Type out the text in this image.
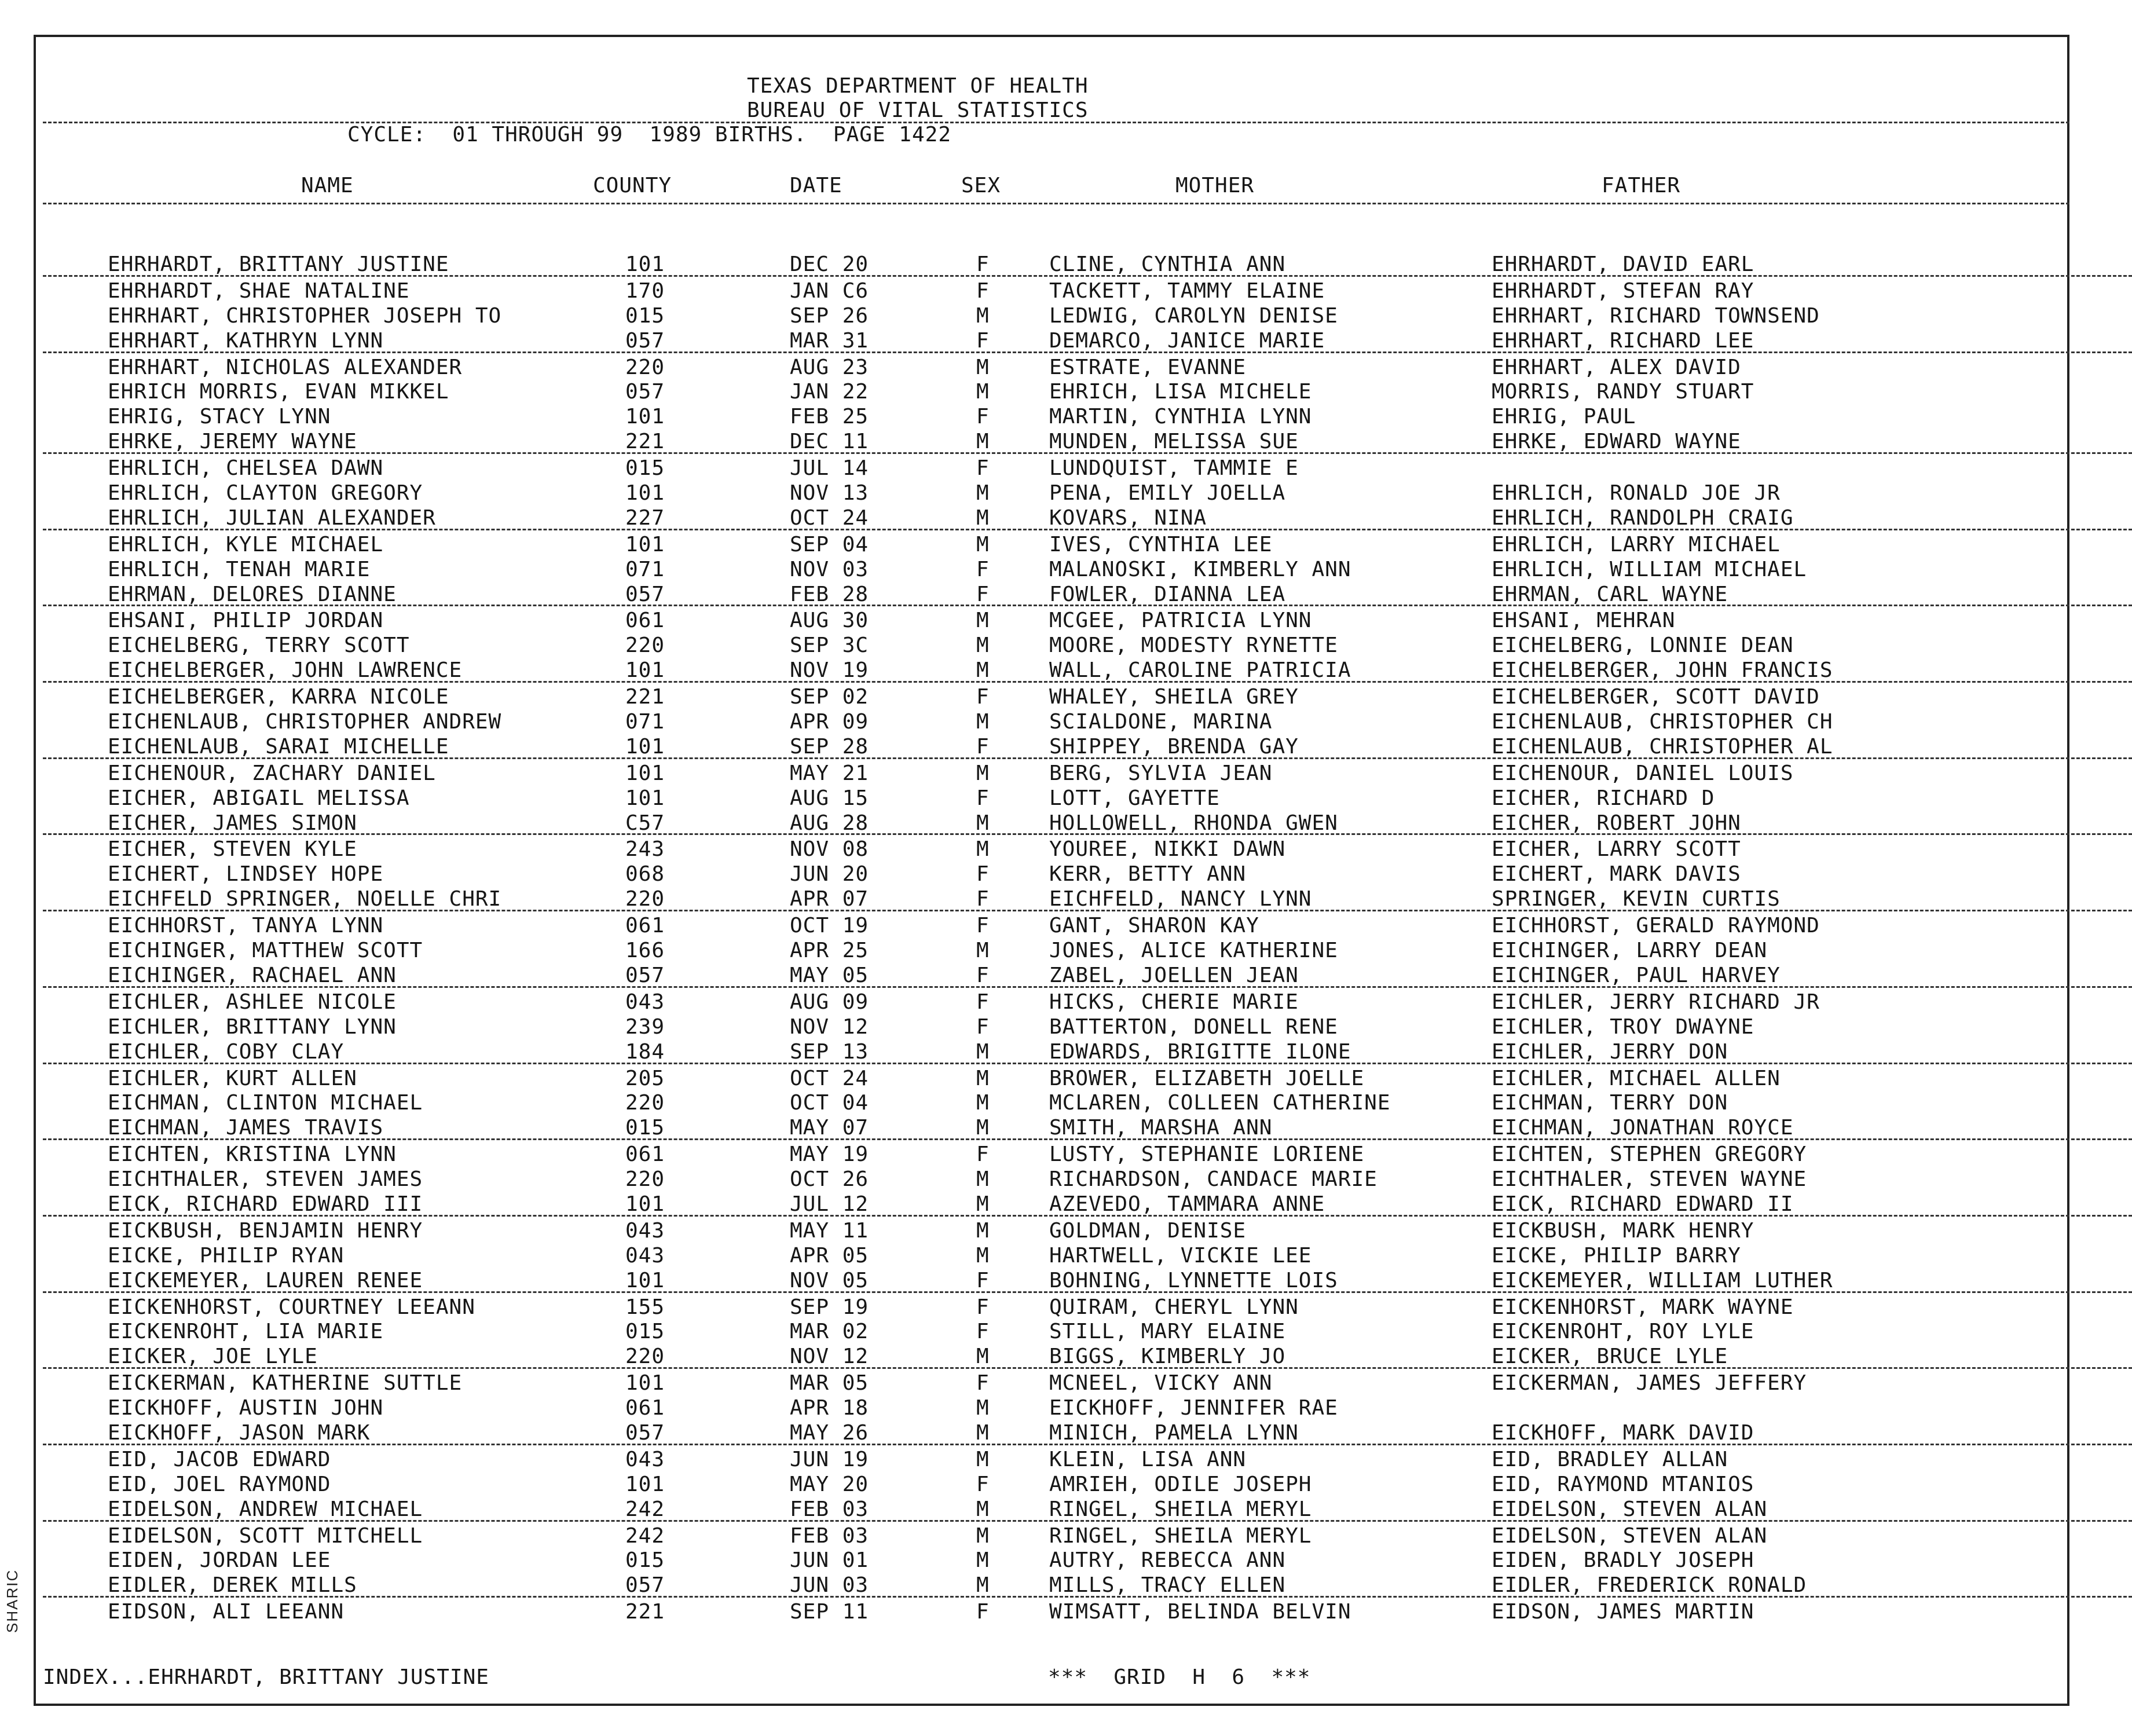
SHARIC
TEXAS DEPARTMENT OF HEALTH
BUREAU OF VITAL STATISTICS
CYCLE:  01 THROUGH 99  1989 BIRTHS.  PAGE 1422
NAME	COUNTY	DATE	SEX	MOTHER	FATHER
EHRHARDT, BRITTANY JUSTINE	101	DEC 20	F	CLINE, CYNTHIA ANN	EHRHARDT, DAVID EARL
EHRHARDT, SHAE NATALINE	170	JAN C6	F	TACKETT, TAMMY ELAINE	EHRHARDT, STEFAN RAY
EHRHART, CHRISTOPHER JOSEPH TO	015	SEP 26	M	LEDWIG, CAROLYN DENISE	EHRHART, RICHARD TOWNSEND
EHRHART, KATHRYN LYNN	057	MAR 31	F	DEMARCO, JANICE MARIE	EHRHART, RICHARD LEE
EHRHART, NICHOLAS ALEXANDER	220	AUG 23	M	ESTRATE, EVANNE	EHRHART, ALEX DAVID
EHRICH MORRIS, EVAN MIKKEL	057	JAN 22	M	EHRICH, LISA MICHELE	MORRIS, RANDY STUART
EHRIG, STACY LYNN	101	FEB 25	F	MARTIN, CYNTHIA LYNN	EHRIG, PAUL
EHRKE, JEREMY WAYNE	221	DEC 11	M	MUNDEN, MELISSA SUE	EHRKE, EDWARD WAYNE
EHRLICH, CHELSEA DAWN	015	JUL 14	F	LUNDQUIST, TAMMIE E
EHRLICH, CLAYTON GREGORY	101	NOV 13	M	PENA, EMILY JOELLA	EHRLICH, RONALD JOE JR
EHRLICH, JULIAN ALEXANDER	227	OCT 24	M	KOVARS, NINA	EHRLICH, RANDOLPH CRAIG
EHRLICH, KYLE MICHAEL	101	SEP 04	M	IVES, CYNTHIA LEE	EHRLICH, LARRY MICHAEL
EHRLICH, TENAH MARIE	071	NOV 03	F	MALANOSKI, KIMBERLY ANN	EHRLICH, WILLIAM MICHAEL
EHRMAN, DELORES DIANNE	057	FEB 28	F	FOWLER, DIANNA LEA	EHRMAN, CARL WAYNE
EHSANI, PHILIP JORDAN	061	AUG 30	M	MCGEE, PATRICIA LYNN	EHSANI, MEHRAN
EICHELBERG, TERRY SCOTT	220	SEP 3C	M	MOORE, MODESTY RYNETTE	EICHELBERG, LONNIE DEAN
EICHELBERGER, JOHN LAWRENCE	101	NOV 19	M	WALL, CAROLINE PATRICIA	EICHELBERGER, JOHN FRANCIS
EICHELBERGER, KARRA NICOLE	221	SEP 02	F	WHALEY, SHEILA GREY	EICHELBERGER, SCOTT DAVID
EICHENLAUB, CHRISTOPHER ANDREW	071	APR 09	M	SCIALDONE, MARINA	EICHENLAUB, CHRISTOPHER CH
EICHENLAUB, SARAI MICHELLE	101	SEP 28	F	SHIPPEY, BRENDA GAY	EICHENLAUB, CHRISTOPHER AL
EICHENOUR, ZACHARY DANIEL	101	MAY 21	M	BERG, SYLVIA JEAN	EICHENOUR, DANIEL LOUIS
EICHER, ABIGAIL MELISSA	101	AUG 15	F	LOTT, GAYETTE	EICHER, RICHARD D
EICHER, JAMES SIMON	C57	AUG 28	M	HOLLOWELL, RHONDA GWEN	EICHER, ROBERT JOHN
EICHER, STEVEN KYLE	243	NOV 08	M	YOUREE, NIKKI DAWN	EICHER, LARRY SCOTT
EICHERT, LINDSEY HOPE	068	JUN 20	F	KERR, BETTY ANN	EICHERT, MARK DAVIS
EICHFELD SPRINGER, NOELLE CHRI	220	APR 07	F	EICHFELD, NANCY LYNN	SPRINGER, KEVIN CURTIS
EICHHORST, TANYA LYNN	061	OCT 19	F	GANT, SHARON KAY	EICHHORST, GERALD RAYMOND
EICHINGER, MATTHEW SCOTT	166	APR 25	M	JONES, ALICE KATHERINE	EICHINGER, LARRY DEAN
EICHINGER, RACHAEL ANN	057	MAY 05	F	ZABEL, JOELLEN JEAN	EICHINGER, PAUL HARVEY
EICHLER, ASHLEE NICOLE	043	AUG 09	F	HICKS, CHERIE MARIE	EICHLER, JERRY RICHARD JR
EICHLER, BRITTANY LYNN	239	NOV 12	F	BATTERTON, DONELL RENE	EICHLER, TROY DWAYNE
EICHLER, COBY CLAY	184	SEP 13	M	EDWARDS, BRIGITTE ILONE	EICHLER, JERRY DON
EICHLER, KURT ALLEN	205	OCT 24	M	BROWER, ELIZABETH JOELLE	EICHLER, MICHAEL ALLEN
EICHMAN, CLINTON MICHAEL	220	OCT 04	M	MCLAREN, COLLEEN CATHERINE	EICHMAN, TERRY DON
EICHMAN, JAMES TRAVIS	015	MAY 07	M	SMITH, MARSHA ANN	EICHMAN, JONATHAN ROYCE
EICHTEN, KRISTINA LYNN	061	MAY 19	F	LUSTY, STEPHANIE LORIENE	EICHTEN, STEPHEN GREGORY
EICHTHALER, STEVEN JAMES	220	OCT 26	M	RICHARDSON, CANDACE MARIE	EICHTHALER, STEVEN WAYNE
EICK, RICHARD EDWARD III	101	JUL 12	M	AZEVEDO, TAMMARA ANNE	EICK, RICHARD EDWARD II
EICKBUSH, BENJAMIN HENRY	043	MAY 11	M	GOLDMAN, DENISE	EICKBUSH, MARK HENRY
EICKE, PHILIP RYAN	043	APR 05	M	HARTWELL, VICKIE LEE	EICKE, PHILIP BARRY
EICKEMEYER, LAUREN RENEE	101	NOV 05	F	BOHNING, LYNNETTE LOIS	EICKEMEYER, WILLIAM LUTHER
EICKENHORST, COURTNEY LEEANN	155	SEP 19	F	QUIRAM, CHERYL LYNN	EICKENHORST, MARK WAYNE
EICKENROHT, LIA MARIE	015	MAR 02	F	STILL, MARY ELAINE	EICKENROHT, ROY LYLE
EICKER, JOE LYLE	220	NOV 12	M	BIGGS, KIMBERLY JO	EICKER, BRUCE LYLE
EICKERMAN, KATHERINE SUTTLE	101	MAR 05	F	MCNEEL, VICKY ANN	EICKERMAN, JAMES JEFFERY
EICKHOFF, AUSTIN JOHN	061	APR 18	M	EICKHOFF, JENNIFER RAE
EICKHOFF, JASON MARK	057	MAY 26	M	MINICH, PAMELA LYNN	EICKHOFF, MARK DAVID
EID, JACOB EDWARD	043	JUN 19	M	KLEIN, LISA ANN	EID, BRADLEY ALLAN
EID, JOEL RAYMOND	101	MAY 20	F	AMRIEH, ODILE JOSEPH	EID, RAYMOND MTANIOS
EIDELSON, ANDREW MICHAEL	242	FEB 03	M	RINGEL, SHEILA MERYL	EIDELSON, STEVEN ALAN
EIDELSON, SCOTT MITCHELL	242	FEB 03	M	RINGEL, SHEILA MERYL	EIDELSON, STEVEN ALAN
EIDEN, JORDAN LEE	015	JUN 01	M	AUTRY, REBECCA ANN	EIDEN, BRADLY JOSEPH
EIDLER, DEREK MILLS	057	JUN 03	M	MILLS, TRACY ELLEN	EIDLER, FREDERICK RONALD
EIDSON, ALI LEEANN	221	SEP 11	F	WIMSATT, BELINDA BELVIN	EIDSON, JAMES MARTIN
INDEX...EHRHARDT, BRITTANY JUSTINE	***  GRID  H  6  ***
